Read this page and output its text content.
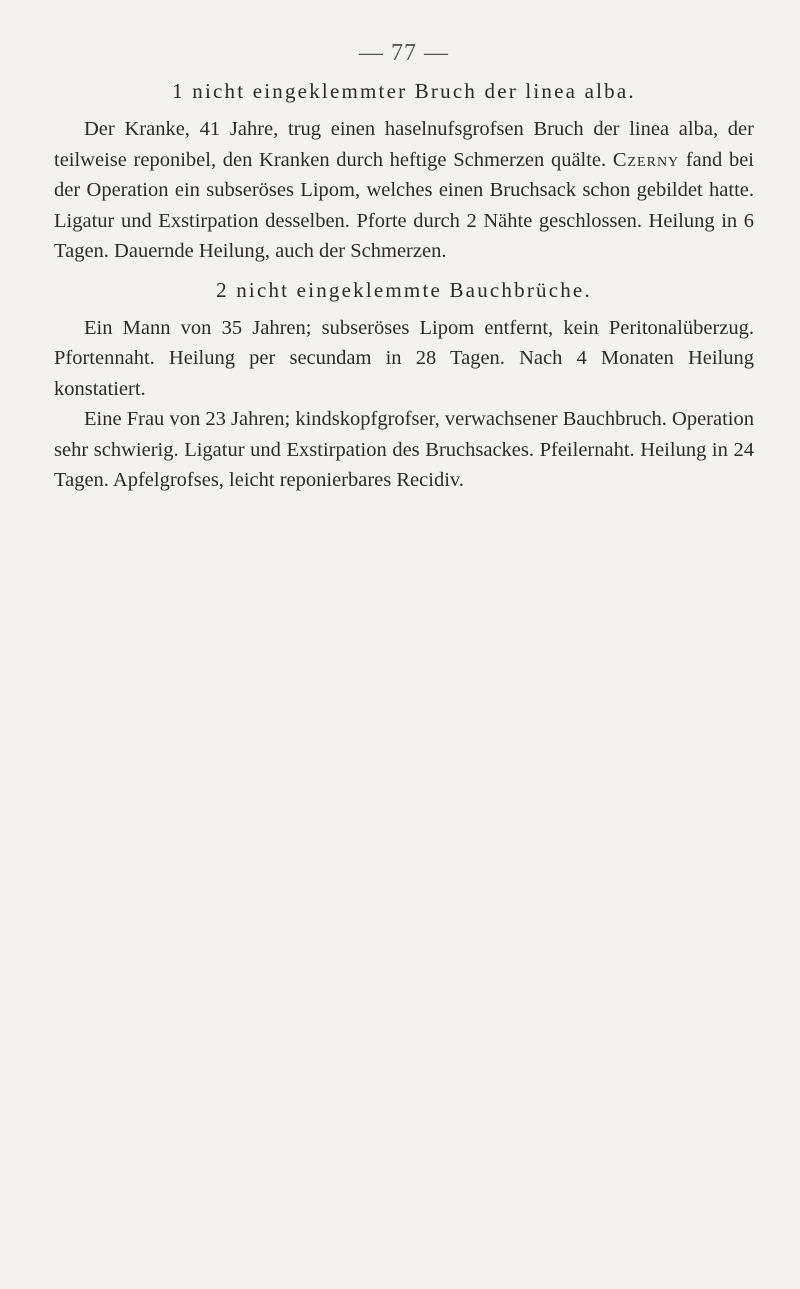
— 77 —
1 nicht eingeklemmter Bruch der linea alba.

Der Kranke, 41 Jahre, trug einen haselnufsgrofsen Bruch der linea alba, der teilweise reponibel, den Kranken durch heftige Schmerzen quälte. Czerny fand bei der Operation ein subseröses Lipom, welches einen Bruchsack schon gebildet hatte. Ligatur und Exstirpation desselben. Pforte durch 2 Nähte geschlossen. Heilung in 6 Tagen. Dauernde Heilung, auch der Schmerzen.

2 nicht eingeklemmte Bauchbrüche.

Ein Mann von 35 Jahren; subseröses Lipom entfernt, kein Peritonalüberzug. Pfortennaht. Heilung per secundam in 28 Tagen. Nach 4 Monaten Heilung konstatiert.

Eine Frau von 23 Jahren; kindskopfgrofser, verwachsener Bauchbruch. Operation sehr schwierig. Ligatur und Exstirpation des Bruchsackes. Pfeilernaht. Heilung in 24 Tagen. Apfelgrofses, leicht reponierbares Recidiv.
